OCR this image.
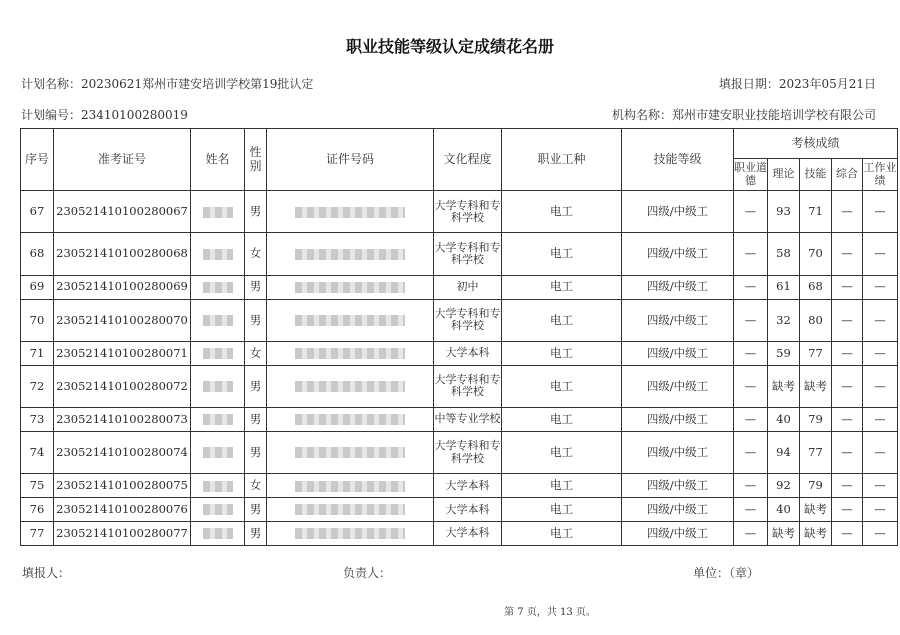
职业技能等级认定成绩花名册
计划名称：20230621郑州市建安培训学校第19批认定	填报日期：2023年05月21日
计划编号：23410100280019	机构名称：郑州市建安职业技能培训学校有限公司
序号	准考证号	姓名	性别	证件号码	文化程度	职业工种	技能等级	考核成绩				
								职业道德	理论	技能	综合	工作业绩
67	230521410100280067		男		大学专科和专科学校	电工	四级/中级工	—	93	71	—	—
68	230521410100280068		女		大学专科和专科学校	电工	四级/中级工	—	58	70	—	—
69	230521410100280069		男		初中	电工	四级/中级工	—	61	68	—	—
70	230521410100280070		男		大学专科和专科学校	电工	四级/中级工	—	32	80	—	—
71	230521410100280071		女		大学本科	电工	四级/中级工	—	59	77	—	—
72	230521410100280072		男		大学专科和专科学校	电工	四级/中级工	—	缺考	缺考	—	—
73	230521410100280073		男		中等专业学校	电工	四级/中级工	—	40	79	—	—
74	230521410100280074		男		大学专科和专科学校	电工	四级/中级工	—	94	77	—	—
75	230521410100280075		女		大学本科	电工	四级/中级工	—	92	79	—	—
76	230521410100280076		男		大学本科	电工	四级/中级工	—	40	缺考	—	—
77	230521410100280077		男		大学本科	电工	四级/中级工	—	缺考	缺考	—	—
填报人：	负责人：	单位：（章）
第 7 页，共 13 页。
